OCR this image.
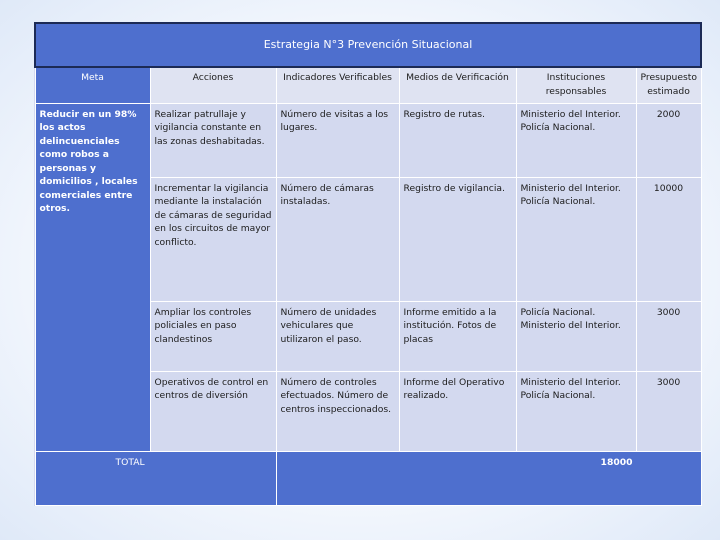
Estrategia N°3 Prevención Situacional					
Meta	Acciones	Indicadores Verificables	Medios de Verificación	Instituciones responsables	Presupuesto estimado
Reducir en un 98% los actos delincuenciales como robos a personas y domicilios , locales comerciales entre otros.	Realizar patrullaje y vigilancia constante en las zonas deshabitadas.	Número de visitas a los lugares.	Registro de rutas.	Ministerio del Interior. Policía Nacional.	2000
	Incrementar la vigilancia mediante la instalación de cámaras de seguridad en los circuitos de mayor conflicto.	Número de cámaras instaladas.	Registro de vigilancia.	Ministerio del Interior. Policía Nacional.	10000
	Ampliar los controles policiales en paso clandestinos	Número de unidades vehiculares que utilizaron el paso.	Informe emitido a la institución. Fotos de placas	Policía Nacional. Ministerio del Interior.	3000
	Operativos de control en centros de diversión	Número de controles efectuados. Número de centros inspeccionados.	Informe del Operativo realizado.	Ministerio del Interior. Policía Nacional.	3000
TOTAL		18000			
